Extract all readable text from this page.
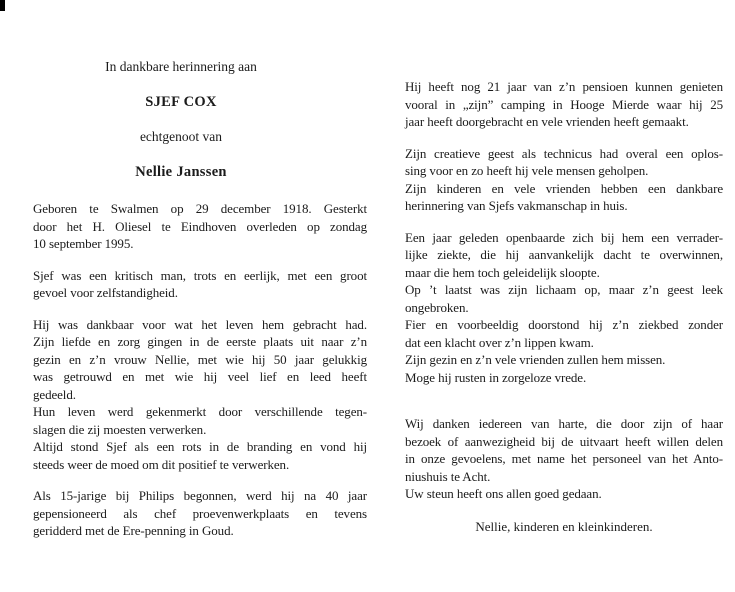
In dankbare herinnering aan
SJEF COX
echtgenoot van
Nellie Janssen
Geboren te Swalmen op 29 december 1918. Gesterkt
door het H. Oliesel te Eindhoven overleden op zondag
10 september 1995.
Sjef was een kritisch man, trots en eerlijk, met een groot
gevoel voor zelfstandigheid.
Hij was dankbaar voor wat het leven hem gebracht had.
Zijn liefde en zorg gingen in de eerste plaats uit naar z’n
gezin en z’n vrouw Nellie, met wie hij 50 jaar gelukkig
was getrouwd en met wie hij veel lief en leed heeft
gedeeld.
Hun leven werd gekenmerkt door verschillende tegen-
slagen die zij moesten verwerken.
Altijd stond Sjef als een rots in de branding en vond hij
steeds weer de moed om dit positief te verwerken.
Als 15-jarige bij Philips begonnen, werd hij na 40 jaar
gepensioneerd als chef proevenwerkplaats en tevens
geridderd met de Ere-penning in Goud.
Hij heeft nog 21 jaar van z’n pensioen kunnen genieten
vooral in „zijn” camping in Hooge Mierde waar hij 25
jaar heeft doorgebracht en vele vrienden heeft gemaakt.
Zijn creatieve geest als technicus had overal een oplos-
sing voor en zo heeft hij vele mensen geholpen.
Zijn kinderen en vele vrienden hebben een dankbare
herinnering van Sjefs vakmanschap in huis.
Een jaar geleden openbaarde zich bij hem een verrader-
lijke ziekte, die hij aanvankelijk dacht te overwinnen,
maar die hem toch geleidelijk sloopte.
Op ’t laatst was zijn lichaam op, maar z’n geest leek
ongebroken.
Fier en voorbeeldig doorstond hij z’n ziekbed zonder
dat een klacht over z’n lippen kwam.
Zijn gezin en z’n vele vrienden zullen hem missen.
Moge hij rusten in zorgeloze vrede.
Wij danken iedereen van harte, die door zijn of haar
bezoek of aanwezigheid bij de uitvaart heeft willen delen
in onze gevoelens, met name het personeel van het Anto-
niushuis te Acht.
Uw steun heeft ons allen goed gedaan.
Nellie, kinderen en kleinkinderen.
